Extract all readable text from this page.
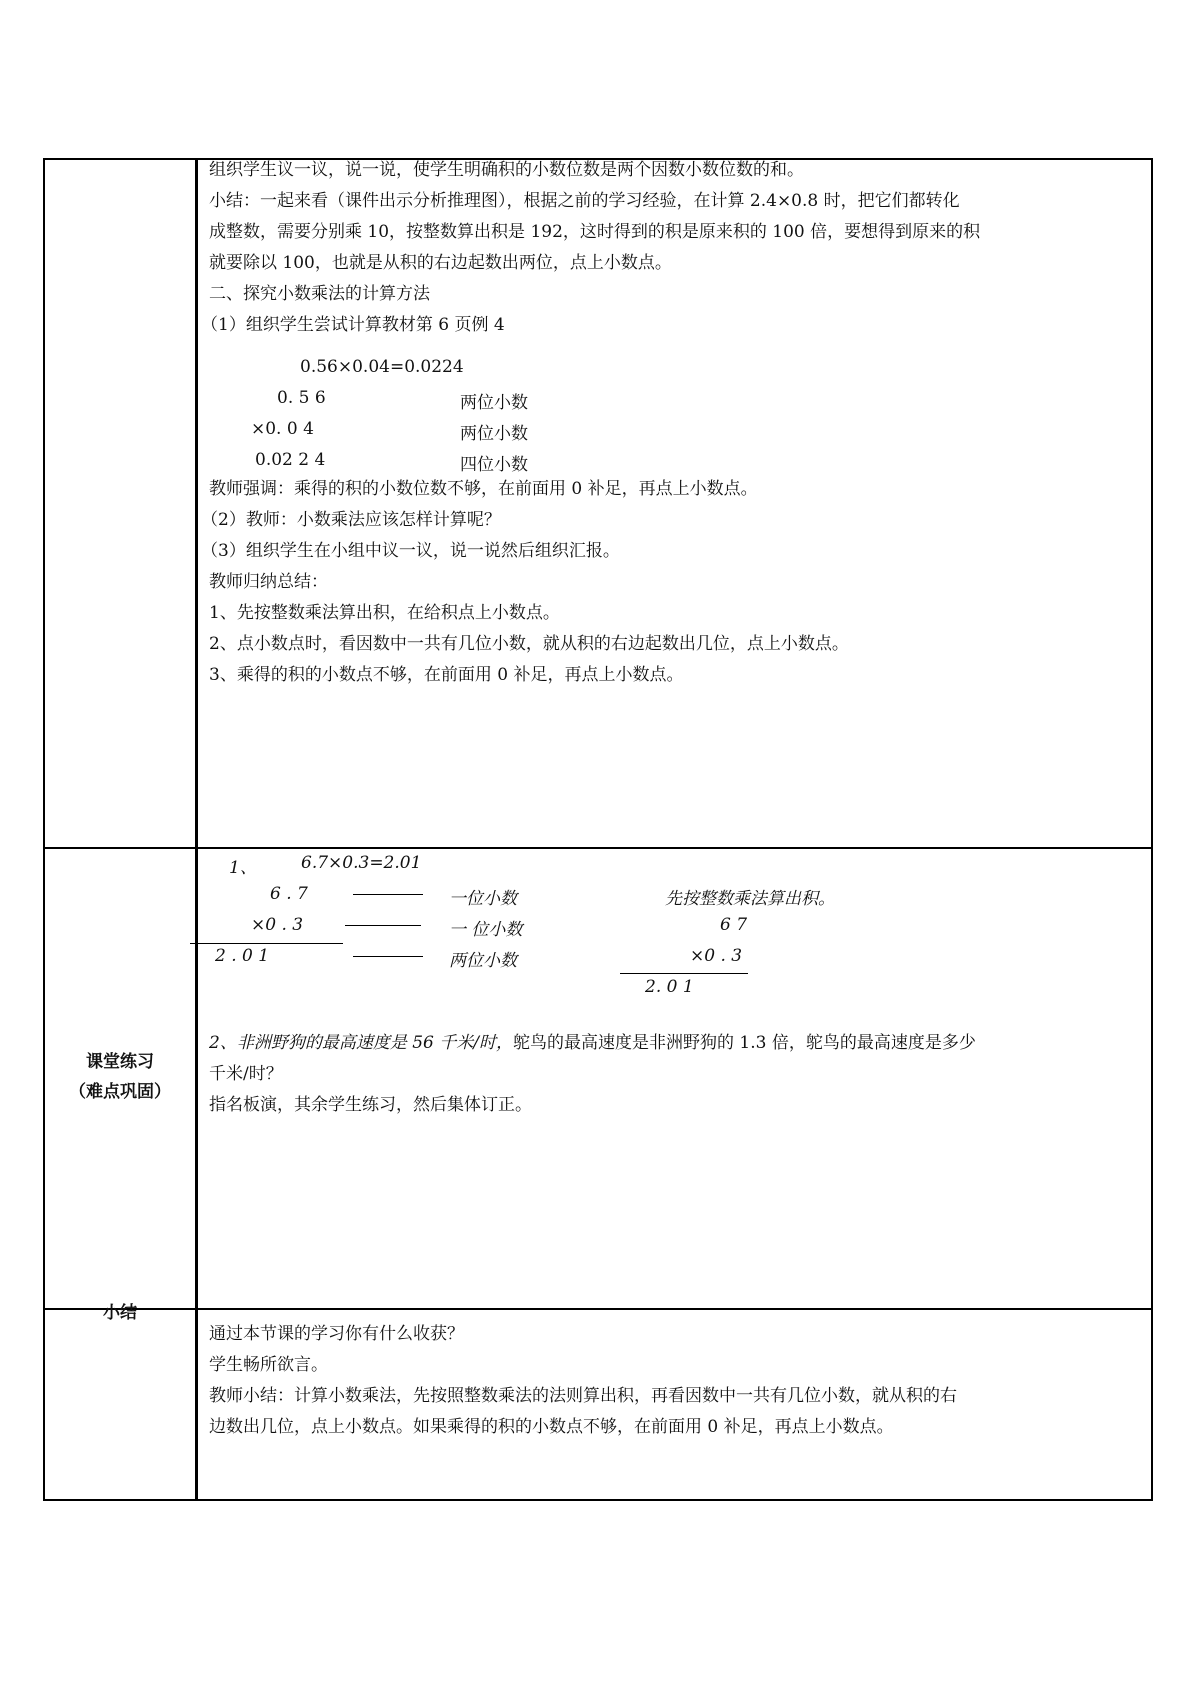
组织学生议一议，说一说，使学生明确积的小数位数是两个因数小数位数的和。
小结：一起来看（课件出示分析推理图），根据之前的学习经验，在计算 2.4×0.8 时，把它们都转化
成整数，需要分别乘 10，按整数算出积是 192，这时得到的积是原来积的 100 倍，要想得到原来的积
就要除以 100，也就是从积的右边起数出两位，点上小数点。
二、探究小数乘法的计算方法
（1）组织学生尝试计算教材第 6 页例 4
0.56×0.04=0.0224
0. 5 6	两位小数
×0. 0 4	两位小数
0.02 2 4	四位小数
教师强调：乘得的积的小数位数不够，在前面用 0 补足，再点上小数点。
（2）教师：小数乘法应该怎样计算呢？
（3）组织学生在小组中议一议，说一说然后组织汇报。
教师归纳总结：
1、先按整数乘法算出积，在给积点上小数点。
2、点小数点时，看因数中一共有几位小数，就从积的右边起数出几位，点上小数点。
3、乘得的积的小数点不够，在前面用 0 补足，再点上小数点。
课堂练习
（难点巩固）
1、	6.7×0.3=2.01
6 . 7	一位小数
×0 . 3	一 位小数
2 . 0 1	两位小数
先按整数乘法算出积。
6 7
×0 . 3
2. 0 1
2、非洲野狗的最高速度是 56 千米/时，鸵鸟的最高速度是非洲野狗的 1.3 倍，鸵鸟的最高速度是多少
千米/时？
指名板演，其余学生练习，然后集体订正。
小结
通过本节课的学习你有什么收获？
学生畅所欲言。
教师小结：计算小数乘法，先按照整数乘法的法则算出积，再看因数中一共有几位小数，就从积的右
边数出几位，点上小数点。如果乘得的积的小数点不够，在前面用 0 补足，再点上小数点。
